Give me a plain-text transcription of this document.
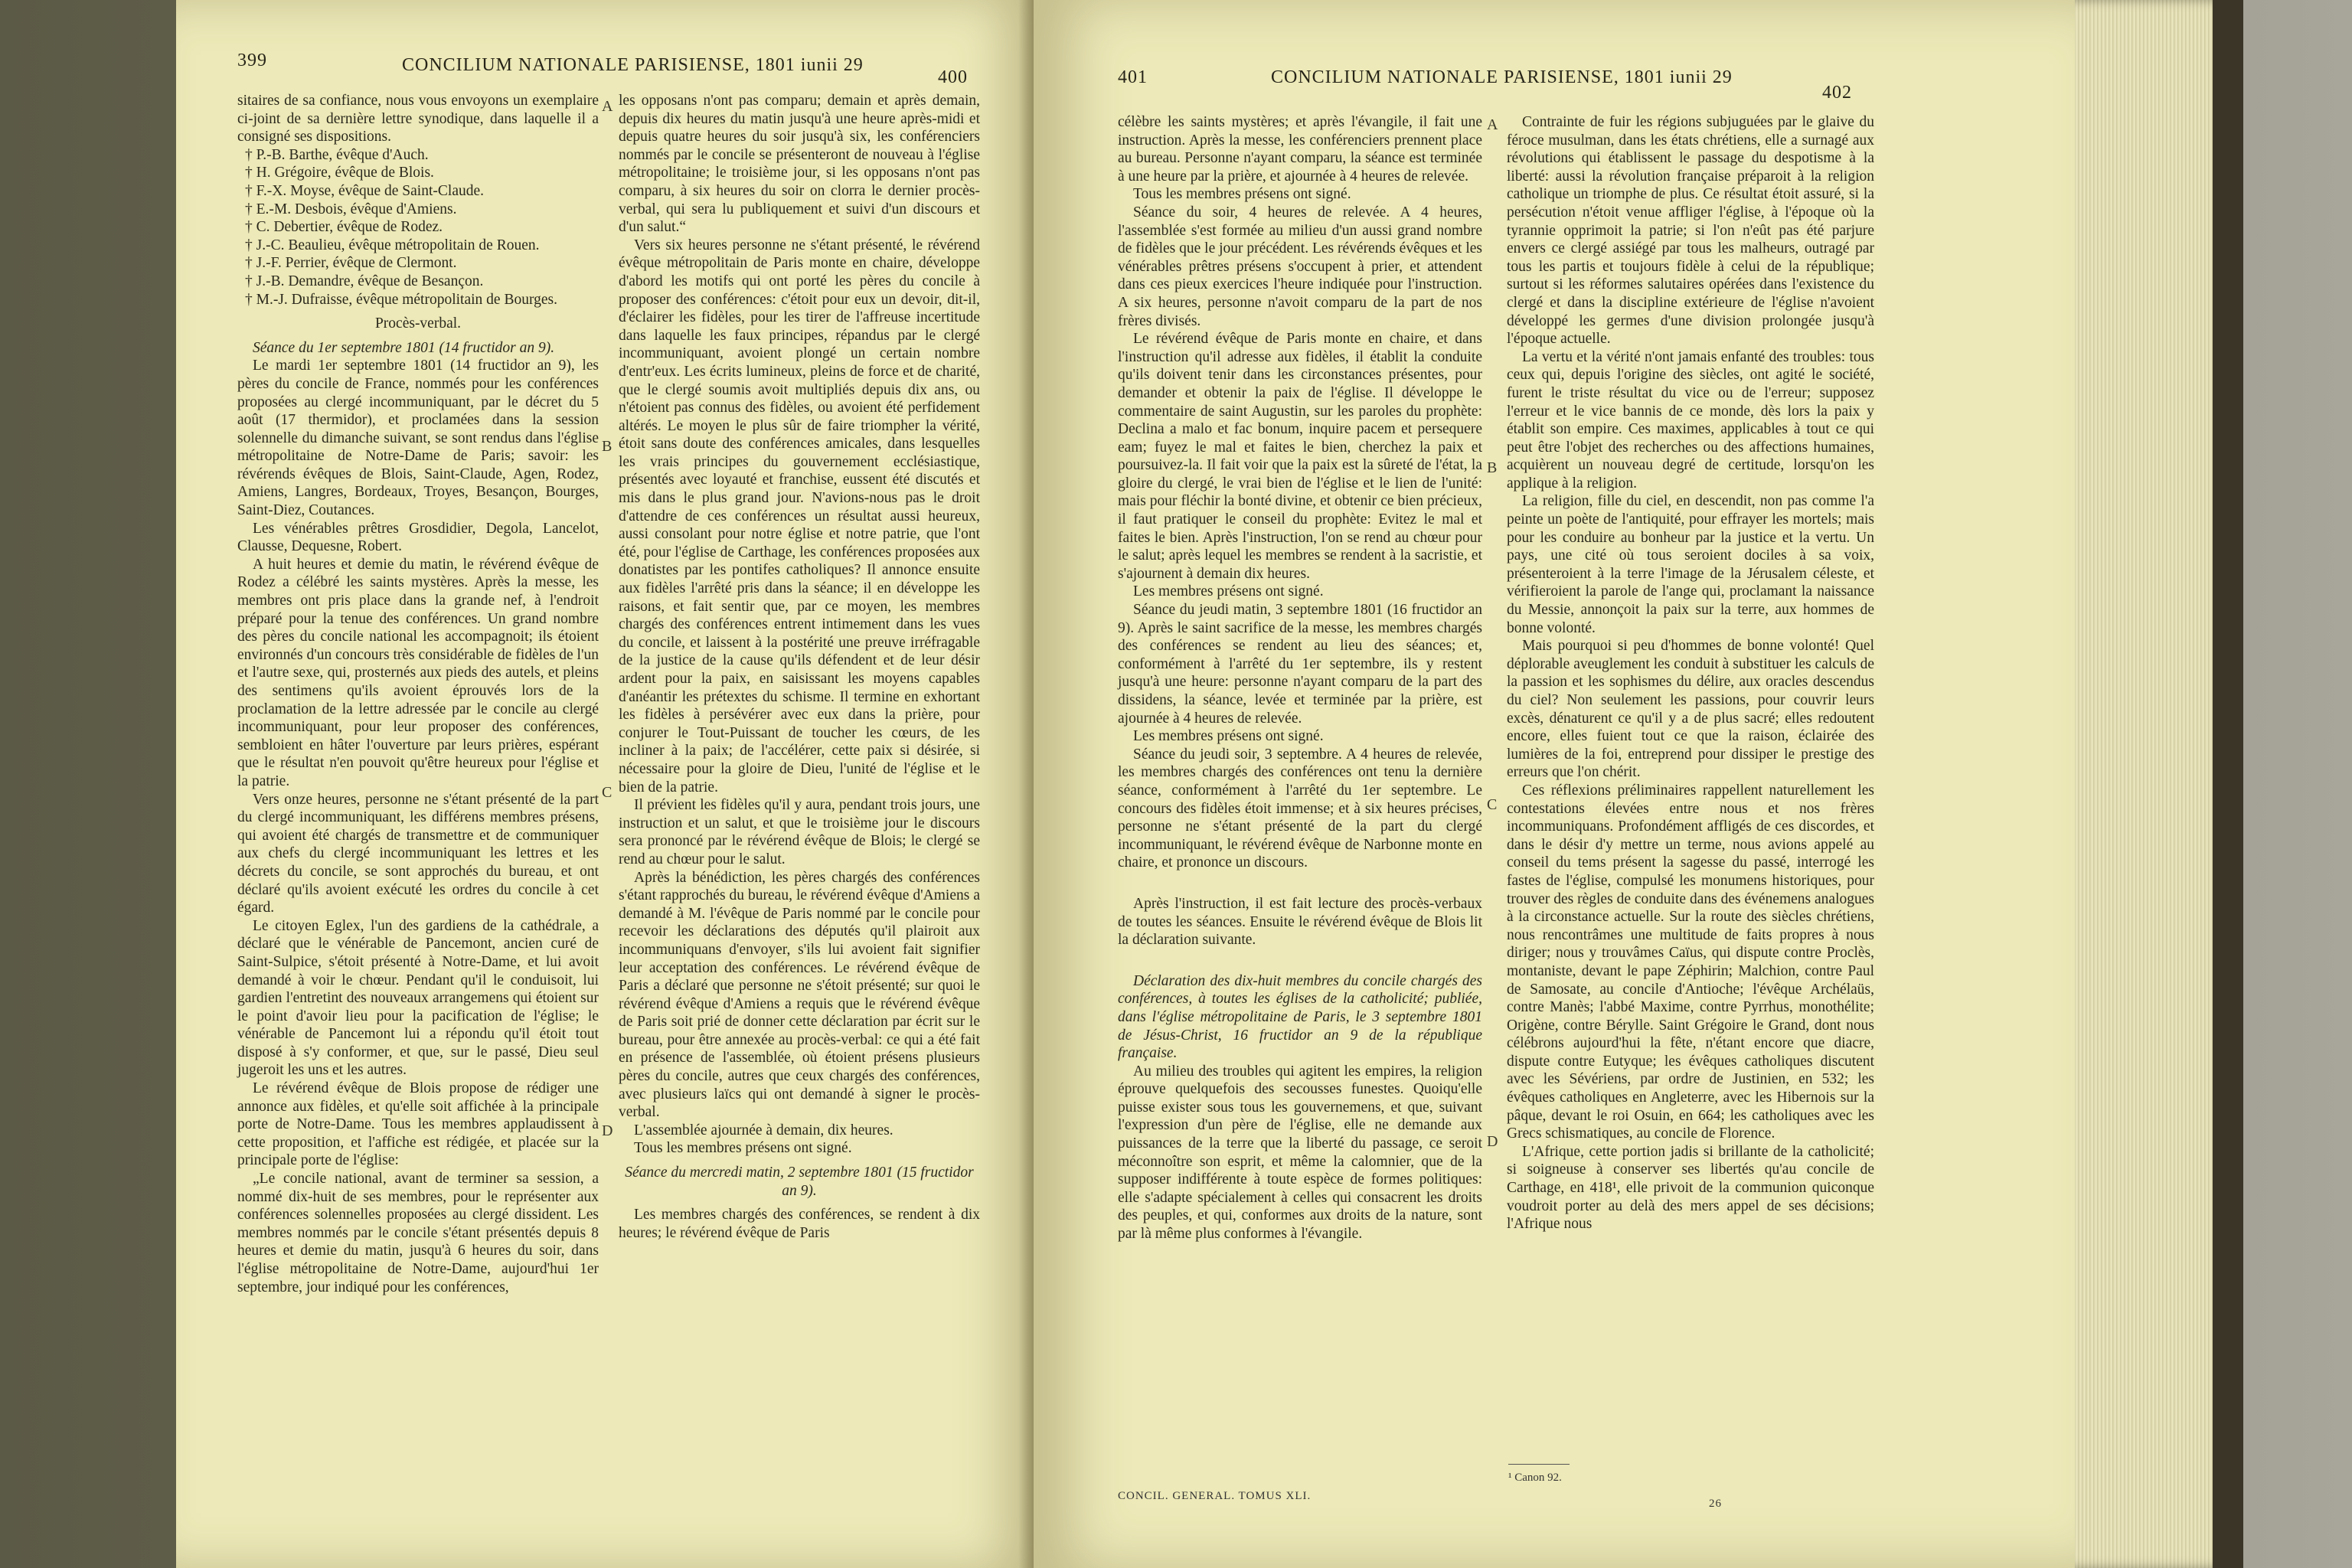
399	CONCILIUM NATIONALE PARISIENSE, 1801 iunii 29
400

sitaires de sa confiance, nous vous envoyons un exemplaire ci-joint de sa dernière lettre synodique, dans laquelle il a consigné ses dispositions.

† P.-B. Barthe, évêque d'Auch.

† H. Grégoire, évêque de Blois.

† F.-X. Moyse, évêque de Saint-Claude.

† E.-M. Desbois, évêque d'Amiens.

† C. Debertier, évêque de Rodez.

† J.-C. Beaulieu, évêque métropolitain de Rouen.

† J.-F. Perrier, évêque de Clermont.

† J.-B. Demandre, évêque de Besançon.

† M.-J. Dufraisse, évêque métropolitain de Bourges.

Procès-verbal.

Séance du 1er septembre 1801 (14 fructidor an 9).

Le mardi 1er septembre 1801 (14 fructidor an 9), les pères du concile de France, nommés pour les conférences proposées au clergé incommuniquant, par le décret du 5 août (17 thermidor), et proclamées dans la session solennelle du dimanche suivant, se sont rendus dans l'église métropolitaine de Notre-Dame de Paris; savoir: les révérends évêques de Blois, Saint-Claude, Agen, Rodez, Amiens, Langres, Bordeaux, Troyes, Besançon, Bourges, Saint-Diez, Coutances.

Les vénérables prêtres Grosdidier, Degola, Lancelot, Clausse, Dequesne, Robert.

A huit heures et demie du matin, le révérend évêque de Rodez a célébré les saints mystères. Après la messe, les membres ont pris place dans la grande nef, à l'endroit préparé pour la tenue des conférences. Un grand nombre des pères du concile national les accompagnoit; ils étoient environnés d'un concours très considérable de fidèles de l'un et l'autre sexe, qui, prosternés aux pieds des autels, et pleins des sentimens qu'ils avoient éprouvés lors de la proclamation de la lettre adressée par le concile au clergé incommuniquant, pour leur proposer des conférences, sembloient en hâter l'ouverture par leurs prières, espérant que le résultat n'en pouvoit qu'être heureux pour l'église et la patrie.

Vers onze heures, personne ne s'étant présenté de la part du clergé incommuniquant, les différens membres présens, qui avoient été chargés de transmettre et de communiquer aux chefs du clergé incommuniquant les lettres et les décrets du concile, se sont approchés du bureau, et ont déclaré qu'ils avoient exécuté les ordres du concile à cet égard.

Le citoyen Eglex, l'un des gardiens de la cathédrale, a déclaré que le vénérable de Pancemont, ancien curé de Saint-Sulpice, s'étoit présenté à Notre-Dame, et lui avoit demandé à voir le chœur. Pendant qu'il le conduisoit, lui gardien l'entretint des nouveaux arrangemens qui étoient sur le point d'avoir lieu pour la pacification de l'église; le vénérable de Pancemont lui a répondu qu'il étoit tout disposé à s'y conformer, et que, sur le passé, Dieu seul jugeroit les uns et les autres.

Le révérend évêque de Blois propose de rédiger une annonce aux fidèles, et qu'elle soit affichée à la principale porte de Notre-Dame. Tous les membres applaudissent à cette proposition, et l'affiche est rédigée, et placée sur la principale porte de l'église:

„Le concile national, avant de terminer sa session, a nommé dix-huit de ses membres, pour le représenter aux conférences solennelles proposées au clergé dissident. Les membres nommés par le concile s'étant présentés depuis 8 heures et demie du matin, jusqu'à 6 heures du soir, dans l'église métropolitaine de Notre-Dame, aujourd'hui 1er septembre, jour indiqué pour les conférences,

les opposans n'ont pas comparu; demain et après demain, depuis dix heures du matin jusqu'à une heure après-midi et depuis quatre heures du soir jusqu'à six, les conférenciers nommés par le concile se présenteront de nouveau à l'église métropolitaine; le troisième jour, si les opposans n'ont pas comparu, à six heures du soir on clorra le dernier procès-verbal, qui sera lu publiquement et suivi d'un discours et d'un salut.“

Vers six heures personne ne s'étant présenté, le révérend évêque métropolitain de Paris monte en chaire, développe d'abord les motifs qui ont porté les pères du concile à proposer des conférences: c'étoit pour eux un devoir, dit-il, d'éclairer les fidèles, pour les tirer de l'affreuse incertitude dans laquelle les faux principes, répandus par le clergé incommuniquant, avoient plongé un certain nombre d'entr'eux. Les écrits lumineux, pleins de force et de charité, que le clergé soumis avoit multipliés depuis dix ans, ou n'étoient pas connus des fidèles, ou avoient été perfidement altérés. Le moyen le plus sûr de faire triompher la vérité, étoit sans doute des conférences amicales, dans lesquelles les vrais principes du gouvernement ecclésiastique, présentés avec loyauté et franchise, eussent été discutés et mis dans le plus grand jour. N'avions-nous pas le droit d'attendre de ces conférences un résultat aussi heureux, aussi consolant pour notre église et notre patrie, que l'ont été, pour l'église de Carthage, les conférences proposées aux donatistes par les pontifes catholiques? Il annonce ensuite aux fidèles l'arrêté pris dans la séance; il en développe les raisons, et fait sentir que, par ce moyen, les membres chargés des conférences entrent intimement dans les vues du concile, et laissent à la postérité une preuve irréfragable de la justice de la cause qu'ils défendent et de leur désir ardent pour la paix, en saisissant les moyens capables d'anéantir les prétextes du schisme. Il termine en exhortant les fidèles à persévérer avec eux dans la prière, pour conjurer le Tout-Puissant de toucher les cœurs, de les incliner à la paix; de l'accélérer, cette paix si désirée, si nécessaire pour la gloire de Dieu, l'unité de l'église et le bien de la patrie.

Il prévient les fidèles qu'il y aura, pendant trois jours, une instruction et un salut, et que le troisième jour le discours sera prononcé par le révérend évêque de Blois; le clergé se rend au chœur pour le salut.

Après la bénédiction, les pères chargés des conférences s'étant rapprochés du bureau, le révérend évêque d'Amiens a demandé à M. l'évêque de Paris nommé par le concile pour recevoir les déclarations des députés qu'il plairoit aux incommuniquans d'envoyer, s'ils lui avoient fait signifier leur acceptation des conférences. Le révérend évêque de Paris a déclaré que personne ne s'étoit présenté; sur quoi le révérend évêque d'Amiens a requis que le révérend évêque de Paris soit prié de donner cette déclaration par écrit sur le bureau, pour être annexée au procès-verbal: ce qui a été fait en présence de l'assemblée, où étoient présens plusieurs pères du concile, autres que ceux chargés des conférences, avec plusieurs laïcs qui ont demandé à signer le procès-verbal.

L'assemblée ajournée à demain, dix heures.

Tous les membres présens ont signé.

Séance du mercredi matin, 2 septembre 1801 (15 fructidor an 9).

Les membres chargés des conférences, se rendent à dix heures; le révérend évêque de Paris

A
B
C
D
401	CONCILIUM NATIONALE PARISIENSE, 1801 iunii 29
402

célèbre les saints mystères; et après l'évangile, il fait une instruction. Après la messe, les conférenciers prennent place au bureau. Personne n'ayant comparu, la séance est terminée à une heure par la prière, et ajournée à 4 heures de relevée.

Tous les membres présens ont signé.

Séance du soir, 4 heures de relevée. A 4 heures, l'assemblée s'est formée au milieu d'un aussi grand nombre de fidèles que le jour précédent. Les révérends évêques et les vénérables prêtres présens s'occupent à prier, et attendent dans ces pieux exercices l'heure indiquée pour l'instruction. A six heures, personne n'avoit comparu de la part de nos frères divisés.

Le révérend évêque de Paris monte en chaire, et dans l'instruction qu'il adresse aux fidèles, il établit la conduite qu'ils doivent tenir dans les circonstances présentes, pour demander et obtenir la paix de l'église. Il développe le commentaire de saint Augustin, sur les paroles du prophète: Declina a malo et fac bonum, inquire pacem et persequere eam; fuyez le mal et faites le bien, cherchez la paix et poursuivez-la. Il fait voir que la paix est la sûreté de l'état, la gloire du clergé, le vrai bien de l'église et le lien de l'unité: mais pour fléchir la bonté divine, et obtenir ce bien précieux, il faut pratiquer le conseil du prophète: Evitez le mal et faites le bien. Après l'instruction, l'on se rend au chœur pour le salut; après lequel les membres se rendent à la sacristie, et s'ajournent à demain dix heures.

Les membres présens ont signé.

Séance du jeudi matin, 3 septembre 1801 (16 fructidor an 9). Après le saint sacrifice de la messe, les membres chargés des conférences se rendent au lieu des séances; et, conformément à l'arrêté du 1er septembre, ils y restent jusqu'à une heure: personne n'ayant comparu de la part des dissidens, la séance, levée et terminée par la prière, est ajournée à 4 heures de relevée.

Les membres présens ont signé.

Séance du jeudi soir, 3 septembre. A 4 heures de relevée, les membres chargés des conférences ont tenu la dernière séance, conformément à l'arrêté du 1er septembre. Le concours des fidèles étoit immense; et à six heures précises, personne ne s'étant présenté de la part du clergé incommuniquant, le révérend évêque de Narbonne monte en chaire, et prononce un discours.

Après l'instruction, il est fait lecture des procès-verbaux de toutes les séances. Ensuite le révérend évêque de Blois lit la déclaration suivante.

Déclaration des dix-huit membres du concile chargés des conférences, à toutes les églises de la catholicité; publiée, dans l'église métropolitaine de Paris, le 3 septembre 1801 de Jésus-Christ, 16 fructidor an 9 de la république française.

Au milieu des troubles qui agitent les empires, la religion éprouve quelquefois des secousses funestes. Quoiqu'elle puisse exister sous tous les gouvernemens, et que, suivant l'expression d'un père de l'église, elle ne demande aux puissances de la terre que la liberté du passage, ce seroit méconnoître son esprit, et même la calomnier, que de la supposer indifférente à toute espèce de formes politiques: elle s'adapte spécialement à celles qui consacrent les droits des peuples, et qui, conformes aux droits de la nature, sont par là même plus conformes à l'évangile.

Contrainte de fuir les régions subjuguées par le glaive du féroce musulman, dans les états chrétiens, elle a surnagé aux révolutions qui établissent le passage du despotisme à la liberté: aussi la révolution française préparoit à la religion catholique un triomphe de plus. Ce résultat étoit assuré, si la persécution n'étoit venue affliger l'église, à l'époque où la tyrannie opprimoit la patrie; si l'on n'eût pas été parjure envers ce clergé assiégé par tous les malheurs, outragé par tous les partis et toujours fidèle à celui de la république; surtout si les réformes salutaires opérées dans l'existence du clergé et dans la discipline extérieure de l'église n'avoient développé les germes d'une division prolongée jusqu'à l'époque actuelle.

La vertu et la vérité n'ont jamais enfanté des troubles: tous ceux qui, depuis l'origine des siècles, ont agité le société, furent le triste résultat du vice ou de l'erreur; supposez l'erreur et le vice bannis de ce monde, dès lors la paix y établit son empire. Ces maximes, applicables à tout ce qui peut être l'objet des recherches ou des affections humaines, acquièrent un nouveau degré de certitude, lorsqu'on les applique à la religion.

La religion, fille du ciel, en descendit, non pas comme l'a peinte un poète de l'antiquité, pour effrayer les mortels; mais pour les conduire au bonheur par la justice et la vertu. Un pays, une cité où tous seroient dociles à sa voix, présenteroient à la terre l'image de la Jérusalem céleste, et vérifieroient la parole de l'ange qui, proclamant la naissance du Messie, annonçoit la paix sur la terre, aux hommes de bonne volonté.

Mais pourquoi si peu d'hommes de bonne volonté! Quel déplorable aveuglement les conduit à substituer les calculs de la passion et les sophismes du délire, aux oracles descendus du ciel? Non seulement les passions, pour couvrir leurs excès, dénaturent ce qu'il y a de plus sacré; elles redoutent encore, elles fuient tout ce que la raison, éclairée des lumières de la foi, entreprend pour dissiper le prestige des erreurs que l'on chérit.

Ces réflexions préliminaires rappellent naturellement les contestations élevées entre nous et nos frères incommuniquans. Profondément affligés de ces discordes, et dans le désir d'y mettre un terme, nous avions appelé au conseil du tems présent la sagesse du passé, interrogé les fastes de l'église, compulsé les monumens historiques, pour trouver des règles de conduite dans des événemens analogues à la circonstance actuelle. Sur la route des siècles chrétiens, nous rencontrâmes une multitude de faits propres à nous diriger; nous y trouvâmes Caïus, qui dispute contre Proclès, montaniste, devant le pape Zéphirin; Malchion, contre Paul de Samosate, au concile d'Antioche; l'évêque Archélaüs, contre Manès; l'abbé Maxime, contre Pyrrhus, monothélite; Origène, contre Bérylle. Saint Grégoire le Grand, dont nous célébrons aujourd'hui la fête, n'étant encore que diacre, dispute contre Eutyque; les évêques catholiques discutent avec les Sévériens, par ordre de Justinien, en 532; les évêques catholiques en Angleterre, avec les Hibernois sur la pâque, devant le roi Osuin, en 664; les catholiques avec les Grecs schismatiques, au concile de Florence.

L'Afrique, cette portion jadis si brillante de la catholicité; si soigneuse à conserver ses libertés qu'au concile de Carthage, en 418¹, elle privoit de la communion quiconque voudroit porter au delà des mers appel de ses décisions; l'Afrique nous

A
B
C
D
¹ Canon 92.
CONCIL. GENERAL. TOMUS XLI.
26
